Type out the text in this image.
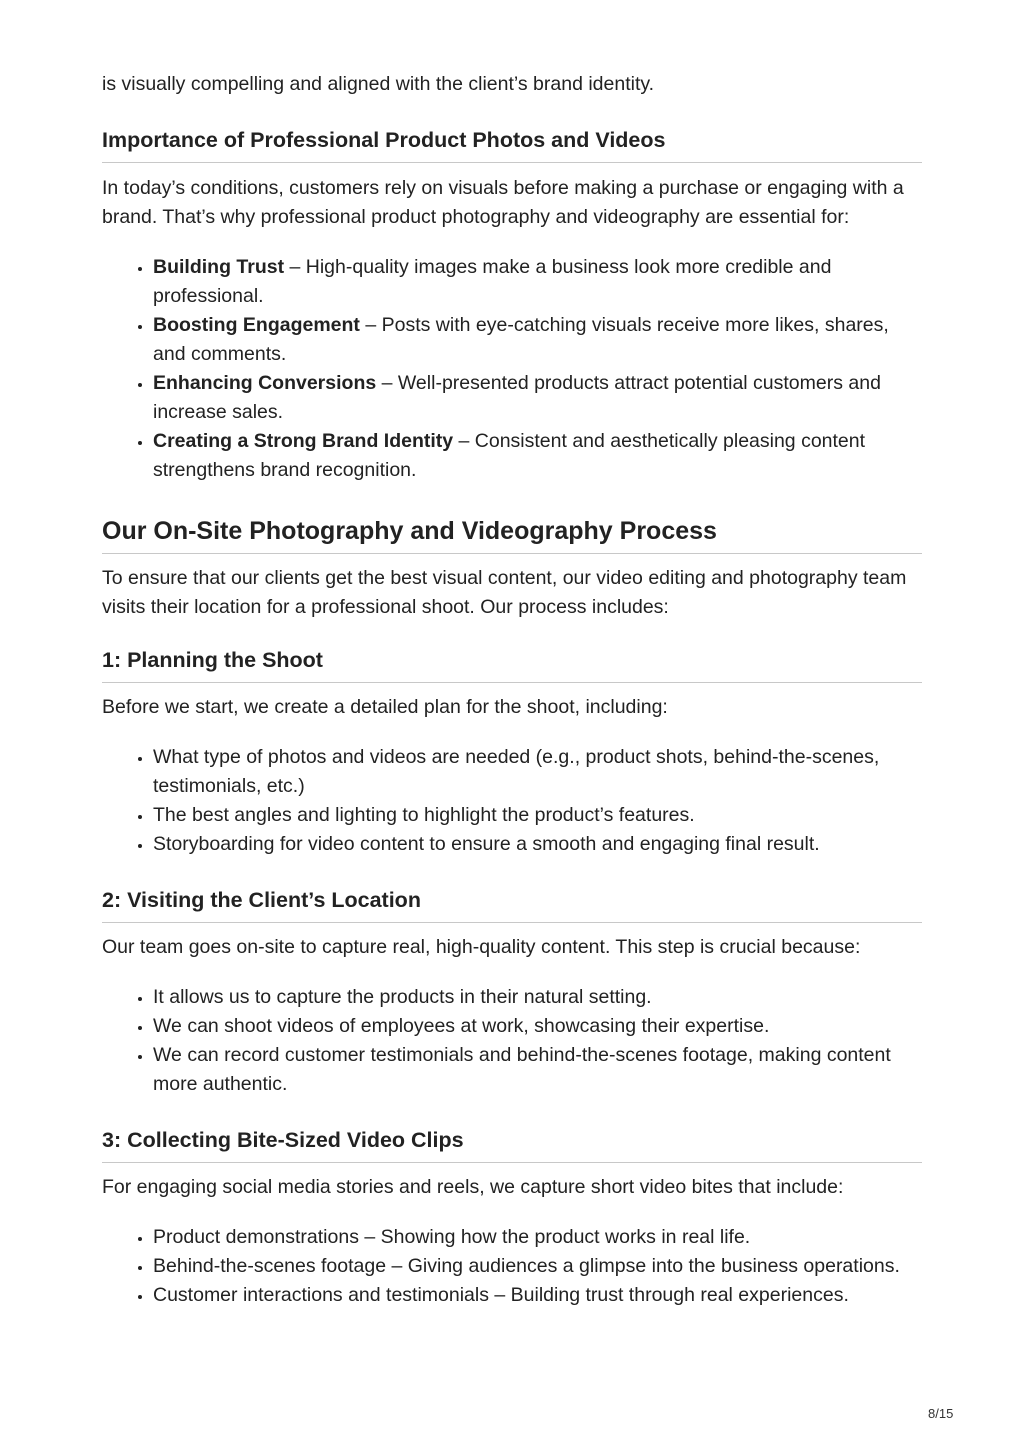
is visually compelling and aligned with the client’s brand identity.

Importance of Professional Product Photos and Videos

In today’s conditions, customers rely on visuals before making a purchase or engaging with a brand. That’s why professional product photography and videography are essential for:

• Building Trust – High-quality images make a business look more credible and professional.
• Boosting Engagement – Posts with eye-catching visuals receive more likes, shares, and comments.
• Enhancing Conversions – Well-presented products attract potential customers and increase sales.
• Creating a Strong Brand Identity – Consistent and aesthetically pleasing content strengthens brand recognition.
Our On-Site Photography and Videography Process

To ensure that our clients get the best visual content, our video editing and photography team visits their location for a professional shoot. Our process includes:

1: Planning the Shoot

Before we start, we create a detailed plan for the shoot, including:

• What type of photos and videos are needed (e.g., product shots, behind-the-scenes, testimonials, etc.)
• The best angles and lighting to highlight the product’s features.
• Storyboarding for video content to ensure a smooth and engaging final result.
2: Visiting the Client’s Location

Our team goes on-site to capture real, high-quality content. This step is crucial because:

• It allows us to capture the products in their natural setting.
• We can shoot videos of employees at work, showcasing their expertise.
• We can record customer testimonials and behind-the-scenes footage, making content more authentic.
3: Collecting Bite-Sized Video Clips

For engaging social media stories and reels, we capture short video bites that include:

• Product demonstrations – Showing how the product works in real life.
• Behind-the-scenes footage – Giving audiences a glimpse into the business operations.
• Customer interactions and testimonials – Building trust through real experiences.
8/15
